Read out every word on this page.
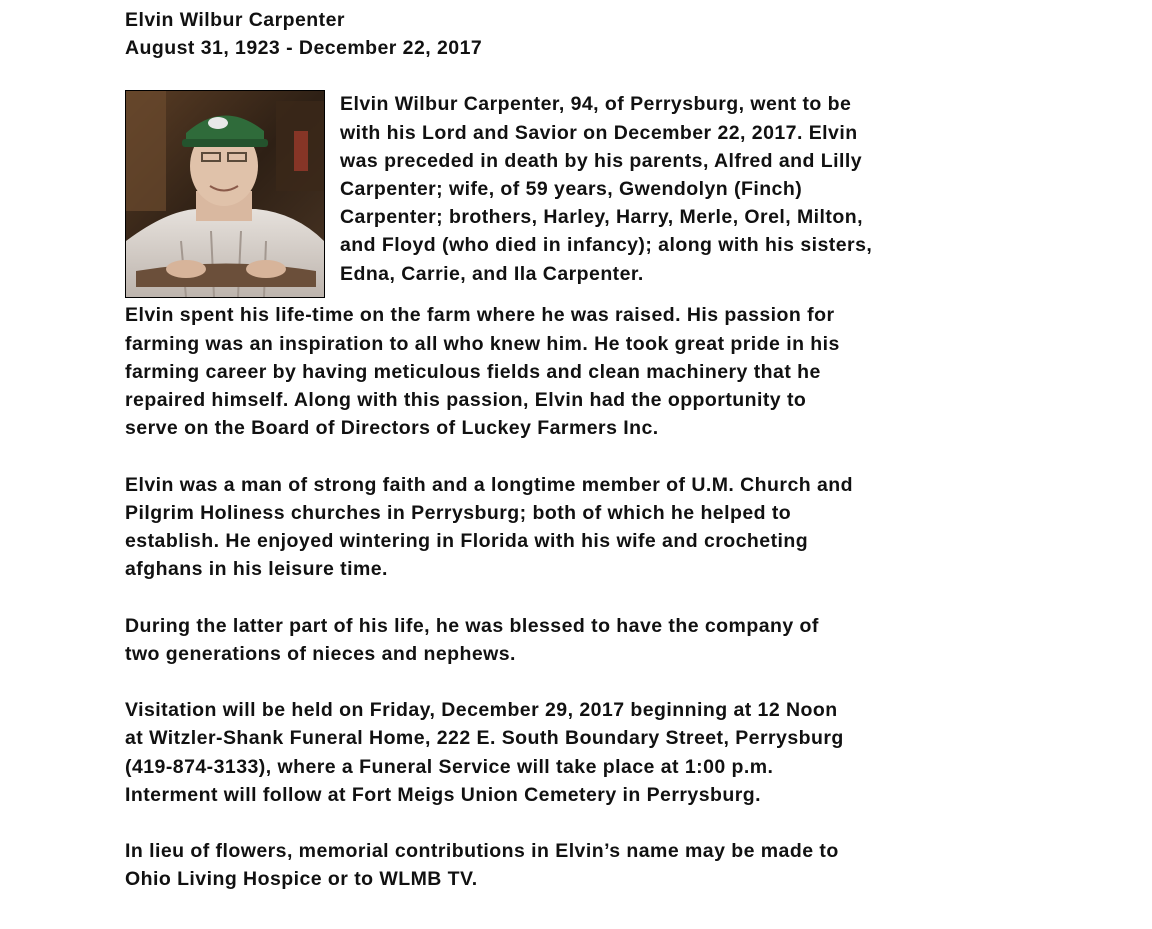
Elvin Wilbur Carpenter

August 31, 1923 - December 22, 2017

Elvin Wilbur Carpenter, 94, of Perrysburg, went to be
with his Lord and Savior on December 22, 2017. Elvin
was preceded in death by his parents, Alfred and Lilly
Carpenter; wife, of 59 years, Gwendolyn (Finch)
Carpenter; brothers, Harley, Harry, Merle, Orel, Milton,
and Floyd (who died in infancy); along with his sisters,
Edna, Carrie, and Ila Carpenter.

Elvin spent his life-time on the farm where he was raised. His passion for
farming was an inspiration to all who knew him. He took great pride in his
farming career by having meticulous fields and clean machinery that he
repaired himself. Along with this passion, Elvin had the opportunity to
serve on the Board of Directors of Luckey Farmers Inc.

Elvin was a man of strong faith and a longtime member of U.M. Church and
Pilgrim Holiness churches in Perrysburg; both of which he helped to
establish. He enjoyed wintering in Florida with his wife and crocheting
afghans in his leisure time.

During the latter part of his life, he was blessed to have the company of
two generations of nieces and nephews.

Visitation will be held on Friday, December 29, 2017 beginning at 12 Noon
at Witzler-Shank Funeral Home, 222 E. South Boundary Street, Perrysburg
(419-874-3133), where a Funeral Service will take place at 1:00 p.m.
Interment will follow at Fort Meigs Union Cemetery in Perrysburg.

In lieu of flowers, memorial contributions in Elvin’s name may be made to
Ohio Living Hospice or to WLMB TV.
